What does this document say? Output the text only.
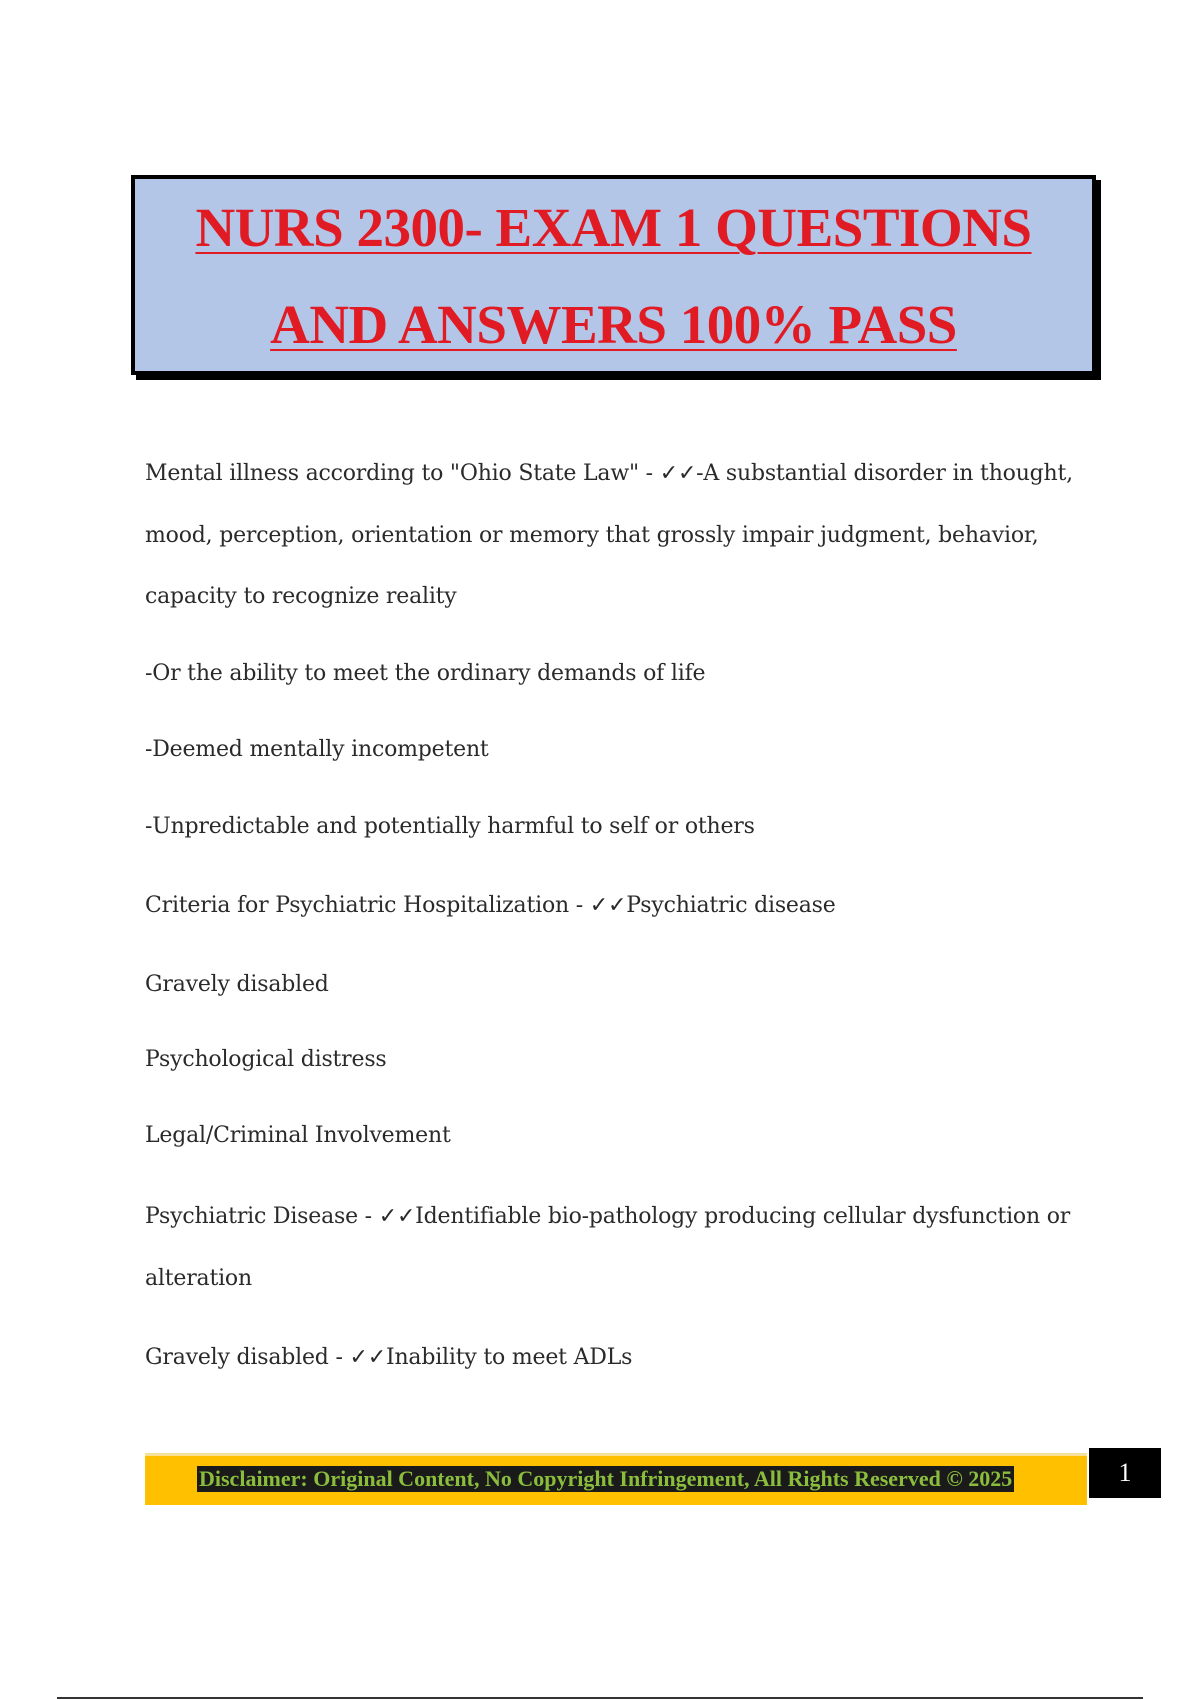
NURS 2300- EXAM 1 QUESTIONS
AND ANSWERS 100% PASS
Mental illness according to "Ohio State Law" - ✓✓-A substantial disorder in thought,
mood, perception, orientation or memory that grossly impair judgment, behavior,
capacity to recognize reality
-Or the ability to meet the ordinary demands of life
-Deemed mentally incompetent
-Unpredictable and potentially harmful to self or others
Criteria for Psychiatric Hospitalization - ✓✓Psychiatric disease
Gravely disabled
Psychological distress
Legal/Criminal Involvement
Psychiatric Disease - ✓✓Identifiable bio-pathology producing cellular dysfunction or
alteration
Gravely disabled - ✓✓Inability to meet ADLs
Disclaimer: Original Content, No Copyright Infringement, All Rights Reserved © 2025	1
